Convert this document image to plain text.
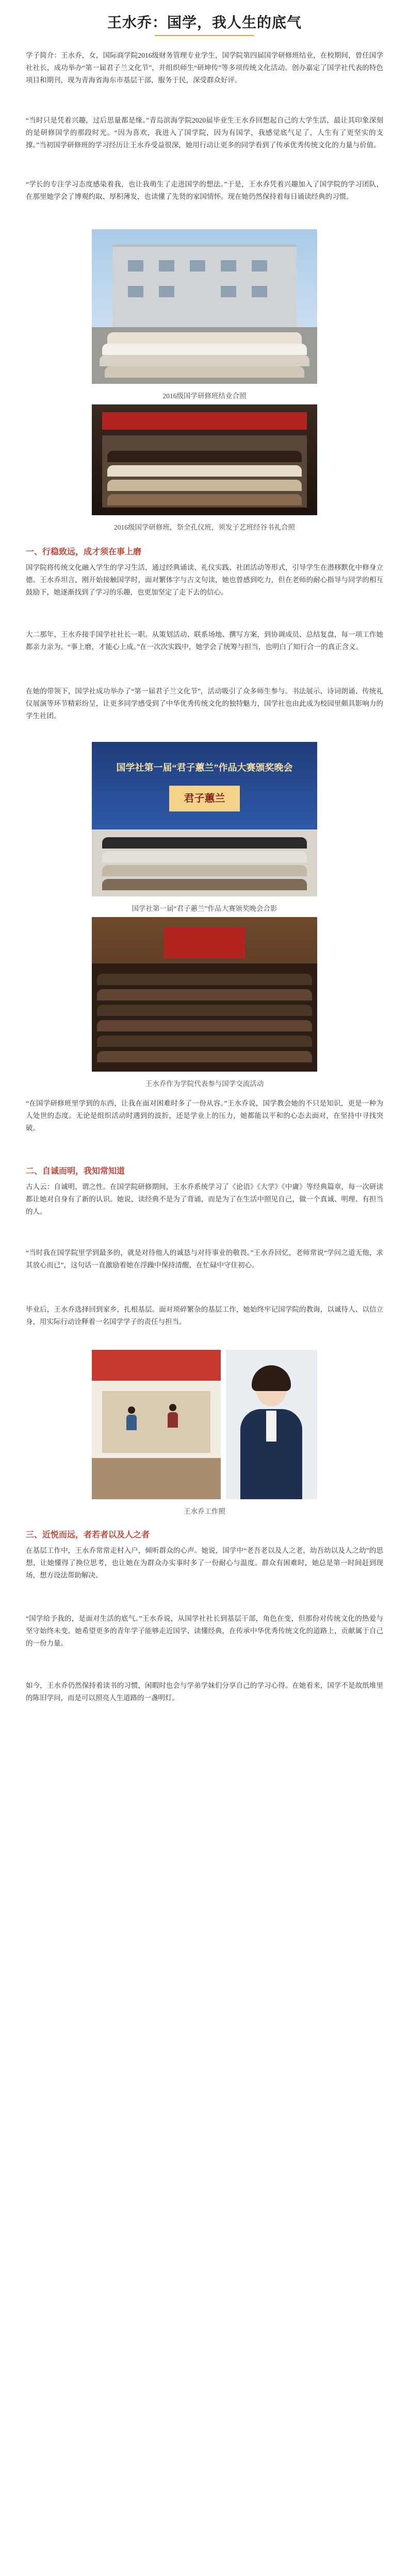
王水乔：国学，我人生的底气
学子简介：王水乔，女，国际商学院2016级财务管理专业学生，国学院第四届国学研修班结业，在校期间，曾任国学社社长，成功举办“第一届君子兰文化节”，并组织师生“研坤传”等多项传统文化活动。创办嘉定了国学社代表的特色项目和期刊，现为青海省海东市基层干部，服务于民，深受群众好评。
“当时只是凭着兴趣，过后思量都是缘。”青岛滨海学院2020届毕业生王水乔回想起自己的大学生活，最让其印象深刻的是研修国学的那段时光。“因为喜欢，我进入了国学院，因为有国学，我感觉底气足了，人生有了更坚实的支撑。”当初国学研修班的学习经历让王水乔受益很深，她用行动让更多的同学看到了传承优秀传统文化的力量与价值。
“学长的专注学习态度感染着我，也让我萌生了走进国学的想法。”于是，王水乔凭着兴趣加入了国学院的学习团队，在那里她学会了博观约取、厚积薄发，也读懂了先贤的家国情怀。现在她仍然保持着每日诵读经典的习惯。
2016级国学研修班结业合照
2016级国学研修班，祭全孔仪班，须发子艺班经谷书礼合照
一、行稳致远，成才须在事上磨
国学院将传统文化融入学生的学习生活，通过经典诵读、礼仪实践、社团活动等形式，引导学生在潜移默化中修身立德。王水乔坦言，刚开始接触国学时，面对繁体字与古文句读，她也曾感到吃力，但在老师的耐心指导与同学的相互鼓励下，她逐渐找到了学习的乐趣，也更加坚定了走下去的信心。
大二那年，王水乔接手国学社社长一职。从策划活动、联系场地、撰写方案，到协调成员、总结复盘，每一项工作她都亲力亲为。“事上磨，才能心上成。”在一次次实践中，她学会了统筹与担当，也明白了知行合一的真正含义。
在她的带领下，国学社成功举办了“第一届君子兰文化节”，活动吸引了众多师生参与。书法展示、诗词朗诵、传统礼仪展演等环节精彩纷呈，让更多同学感受到了中华优秀传统文化的独特魅力，国学社也由此成为校园里颇具影响力的学生社团。
国学社第一届“君子蕙兰”作品大赛颁奖晚会
君子蕙兰
国学社第一届“君子蕙兰”作品大赛颁奖晚会合影
王水乔作为学院代表参与国学交流活动
“在国学研修班里学到的东西，让我在面对困难时多了一份从容。”王水乔说，国学教会她的不只是知识，更是一种为人处世的态度。无论是组织活动时遇到的波折，还是学业上的压力，她都能以平和的心态去面对，在坚持中寻找突破。
二、自诚而明，我知常知道
古人云：自诚明，谓之性。在国学院研修期间，王水乔系统学习了《论语》《大学》《中庸》等经典篇章，每一次研读都让她对自身有了新的认识。她说，读经典不是为了背诵，而是为了在生活中照见自己，做一个真诚、明理、有担当的人。
“当时我在国学院里学到最多的，就是对待他人的诚恳与对待事业的敬畏。”王水乔回忆，老师常说“学问之道无他，求其放心而已”，这句话一直激励着她在浮躁中保持清醒，在忙碌中守住初心。
毕业后，王水乔选择回到家乡，扎根基层。面对琐碎繁杂的基层工作，她始终牢记国学院的教诲，以诚待人、以信立身，用实际行动诠释着一名国学学子的责任与担当。
王水乔工作照
三、近悦而远，者若者以及人之者
在基层工作中，王水乔常常走村入户，倾听群众的心声。她说，国学中“老吾老以及人之老，幼吾幼以及人之幼”的思想，让她懂得了换位思考，也让她在为群众办实事时多了一份耐心与温度。群众有困难时，她总是第一时间赶到现场，想方设法帮助解决。
“国学给予我的，是面对生活的底气。”王水乔说，从国学社社长到基层干部，角色在变，但那份对传统文化的热爱与坚守始终未变。她希望更多的青年学子能够走近国学、读懂经典，在传承中华优秀传统文化的道路上，贡献属于自己的一份力量。
如今，王水乔仍然保持着读书的习惯，闲暇时也会与学弟学妹们分享自己的学习心得。在她看来，国学不是故纸堆里的陈旧学问，而是可以照亮人生道路的一盏明灯。
